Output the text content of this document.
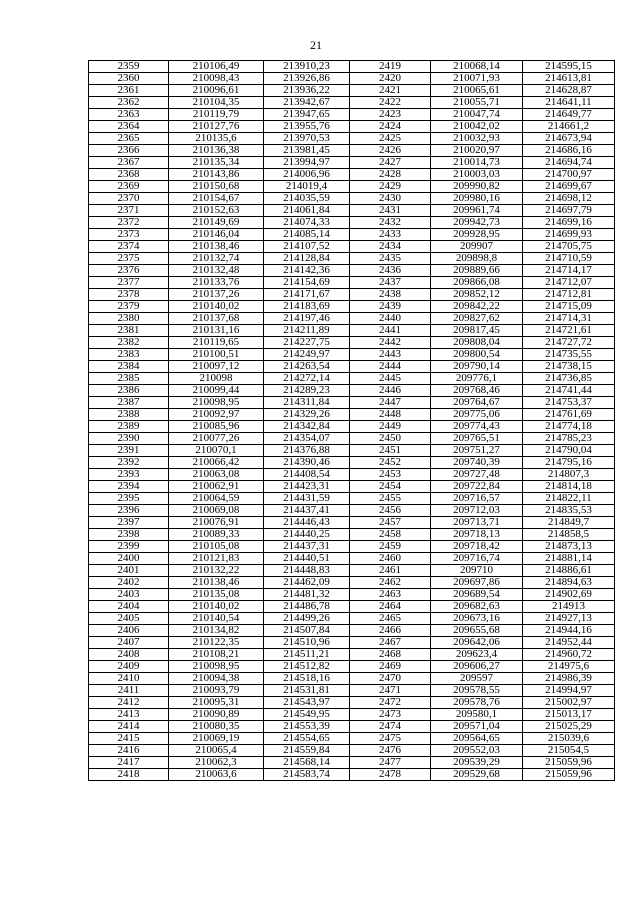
21
2359	210106,49	213910,23	2419	210068,14	214595,15
2360	210098,43	213926,86	2420	210071,93	214613,81
2361	210096,61	213936,22	2421	210065,61	214628,87
2362	210104,35	213942,67	2422	210055,71	214641,11
2363	210119,79	213947,65	2423	210047,74	214649,77
2364	210127,76	213955,76	2424	210042,02	214661,2
2365	210135,6	213970,53	2425	210032,93	214673,94
2366	210136,38	213981,45	2426	210020,97	214686,16
2367	210135,34	213994,97	2427	210014,73	214694,74
2368	210143,86	214006,96	2428	210003,03	214700,97
2369	210150,68	214019,4	2429	209990,82	214699,67
2370	210154,67	214035,59	2430	209980,16	214698,12
2371	210152,63	214061,84	2431	209961,74	214697,79
2372	210149,69	214074,33	2432	209942,73	214699,16
2373	210146,04	214085,14	2433	209928,95	214699,93
2374	210138,46	214107,52	2434	209907	214705,75
2375	210132,74	214128,84	2435	209898,8	214710,59
2376	210132,48	214142,36	2436	209889,66	214714,17
2377	210133,76	214154,69	2437	209866,08	214712,07
2378	210137,26	214171,67	2438	209852,12	214712,81
2379	210140,02	214183,69	2439	209842,22	214715,09
2380	210137,68	214197,46	2440	209827,62	214714,31
2381	210131,16	214211,89	2441	209817,45	214721,61
2382	210119,65	214227,75	2442	209808,04	214727,72
2383	210100,51	214249,97	2443	209800,54	214735,55
2384	210097,12	214263,54	2444	209790,14	214738,15
2385	210098	214272,14	2445	209776,1	214736,85
2386	210099,44	214289,23	2446	209768,46	214741,44
2387	210098,95	214311,84	2447	209764,67	214753,37
2388	210092,97	214329,26	2448	209775,06	214761,69
2389	210085,96	214342,84	2449	209774,43	214774,18
2390	210077,26	214354,07	2450	209765,51	214785,23
2391	210070,1	214376,88	2451	209751,27	214790,04
2392	210066,42	214390,46	2452	209740,39	214795,16
2393	210063,08	214408,54	2453	209727,48	214807,3
2394	210062,91	214423,31	2454	209722,84	214814,18
2395	210064,59	214431,59	2455	209716,57	214822,11
2396	210069,08	214437,41	2456	209712,03	214835,53
2397	210076,91	214446,43	2457	209713,71	214849,7
2398	210089,33	214440,25	2458	209718,13	214858,5
2399	210105,08	214437,31	2459	209718,42	214873,13
2400	210121,83	214440,51	2460	209716,74	214881,14
2401	210132,22	214448,83	2461	209710	214886,61
2402	210138,46	214462,09	2462	209697,86	214894,63
2403	210135,08	214481,32	2463	209689,54	214902,69
2404	210140,02	214486,78	2464	209682,63	214913
2405	210140,54	214499,26	2465	209673,16	214927,13
2406	210134,82	214507,84	2466	209655,68	214944,16
2407	210122,35	214510,96	2467	209642,06	214952,44
2408	210108,21	214511,21	2468	209623,4	214960,72
2409	210098,95	214512,82	2469	209606,27	214975,6
2410	210094,38	214518,16	2470	209597	214986,39
2411	210093,79	214531,81	2471	209578,55	214994,97
2412	210095,31	214543,97	2472	209578,76	215002,97
2413	210090,89	214549,95	2473	209580,1	215013,17
2414	210080,35	214553,39	2474	209571,04	215025,29
2415	210069,19	214554,65	2475	209564,65	215039,6
2416	210065,4	214559,84	2476	209552,03	215054,5
2417	210062,3	214568,14	2477	209539,29	215059,96
2418	210063,6	214583,74	2478	209529,68	215059,96
